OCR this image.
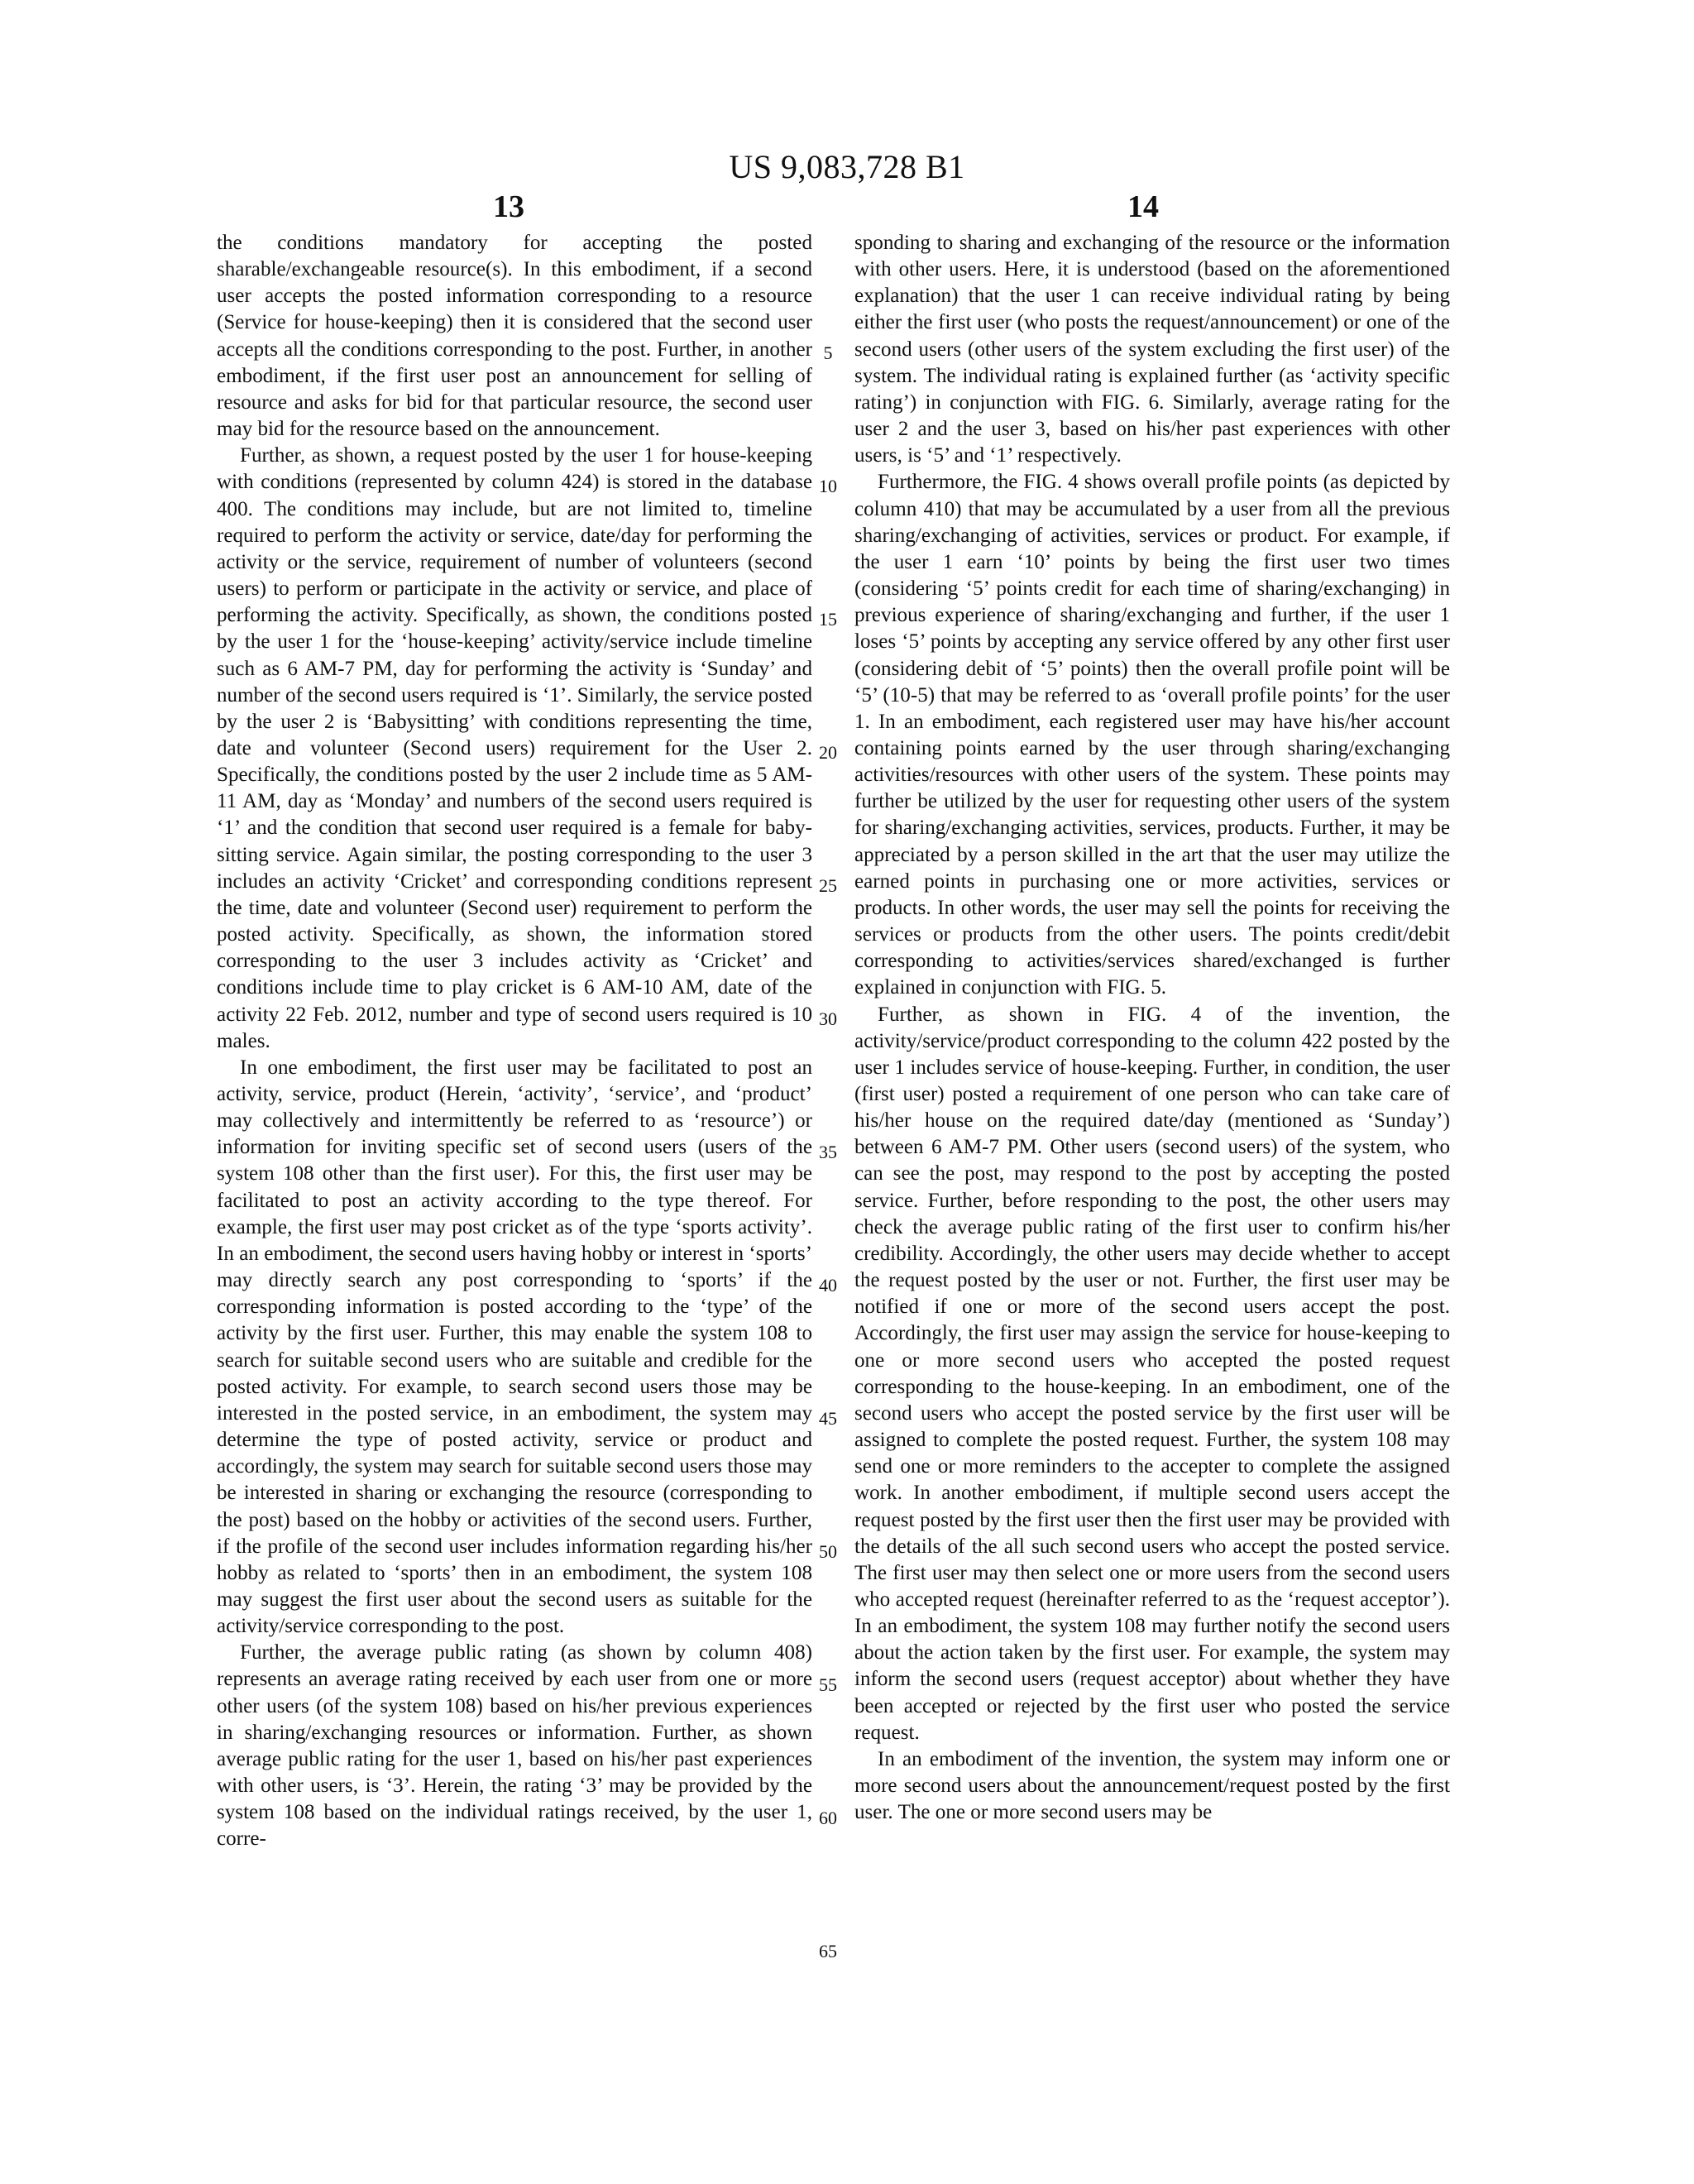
US 9,083,728 B1
13	14

the conditions mandatory for accepting the posted sharable/exchangeable resource(s). In this embodiment, if a second user accepts the posted information corresponding to a resource (Service for house-keeping) then it is considered that the second user accepts all the conditions corresponding to the post. Further, in another embodiment, if the first user post an announcement for selling of resource and asks for bid for that particular resource, the second user may bid for the resource based on the announcement.

Further, as shown, a request posted by the user 1 for house-keeping with conditions (represented by column 424) is stored in the database 400. The conditions may include, but are not limited to, timeline required to perform the activity or service, date/day for performing the activity or the service, requirement of number of volunteers (second users) to perform or participate in the activity or service, and place of performing the activity. Specifically, as shown, the conditions posted by the user 1 for the ‘house-keeping’ activity/service include timeline such as 6 AM-7 PM, day for performing the activity is ‘Sunday’ and number of the second users required is ‘1’. Similarly, the service posted by the user 2 is ‘Babysitting’ with conditions representing the time, date and volunteer (Second users) requirement for the User 2. Specifically, the conditions posted by the user 2 include time as 5 AM-11 AM, day as ‘Monday’ and numbers of the second users required is ‘1’ and the condition that second user required is a female for baby-sitting service. Again similar, the posting corresponding to the user 3 includes an activity ‘Cricket’ and corresponding conditions represent the time, date and volunteer (Second user) requirement to perform the posted activity. Specifically, as shown, the information stored corresponding to the user 3 includes activity as ‘Cricket’ and conditions include time to play cricket is 6 AM-10 AM, date of the activity 22 Feb. 2012, number and type of second users required is 10 males.

In one embodiment, the first user may be facilitated to post an activity, service, product (Herein, ‘activity’, ‘service’, and ‘product’ may collectively and intermittently be referred to as ‘resource’) or information for inviting specific set of second users (users of the system 108 other than the first user). For this, the first user may be facilitated to post an activity according to the type thereof. For example, the first user may post cricket as of the type ‘sports activity’. In an embodiment, the second users having hobby or interest in ‘sports’ may directly search any post corresponding to ‘sports’ if the corresponding information is posted according to the ‘type’ of the activity by the first user. Further, this may enable the system 108 to search for suitable second users who are suitable and credible for the posted activity. For example, to search second users those may be interested in the posted service, in an embodiment, the system may determine the type of posted activity, service or product and accordingly, the system may search for suitable second users those may be interested in sharing or exchanging the resource (corresponding to the post) based on the hobby or activities of the second users. Further, if the profile of the second user includes information regarding his/her hobby as related to ‘sports’ then in an embodiment, the system 108 may suggest the first user about the second users as suitable for the activity/service corresponding to the post.

Further, the average public rating (as shown by column 408) represents an average rating received by each user from one or more other users (of the system 108) based on his/her previous experiences in sharing/exchanging resources or information. Further, as shown average public rating for the user 1, based on his/her past experiences with other users, is ‘3’. Herein, the rating ‘3’ may be provided by the system 108 based on the individual ratings received, by the user 1, corre-

sponding to sharing and exchanging of the resource or the information with other users. Here, it is understood (based on the aforementioned explanation) that the user 1 can receive individual rating by being either the first user (who posts the request/announcement) or one of the second users (other users of the system excluding the first user) of the system. The individual rating is explained further (as ‘activity specific rating’) in conjunction with FIG. 6. Similarly, average rating for the user 2 and the user 3, based on his/her past experiences with other users, is ‘5’ and ‘1’ respectively.

Furthermore, the FIG. 4 shows overall profile points (as depicted by column 410) that may be accumulated by a user from all the previous sharing/exchanging of activities, services or product. For example, if the user 1 earn ‘10’ points by being the first user two times (considering ‘5’ points credit for each time of sharing/exchanging) in previous experience of sharing/exchanging and further, if the user 1 loses ‘5’ points by accepting any service offered by any other first user (considering debit of ‘5’ points) then the overall profile point will be ‘5’ (10-5) that may be referred to as ‘overall profile points’ for the user 1. In an embodiment, each registered user may have his/her account containing points earned by the user through sharing/exchanging activities/resources with other users of the system. These points may further be utilized by the user for requesting other users of the system for sharing/exchanging activities, services, products. Further, it may be appreciated by a person skilled in the art that the user may utilize the earned points in purchasing one or more activities, services or products. In other words, the user may sell the points for receiving the services or products from the other users. The points credit/debit corresponding to activities/services shared/exchanged is further explained in conjunction with FIG. 5.

Further, as shown in FIG. 4 of the invention, the activity/service/product corresponding to the column 422 posted by the user 1 includes service of house-keeping. Further, in condition, the user (first user) posted a requirement of one person who can take care of his/her house on the required date/day (mentioned as ‘Sunday’) between 6 AM-7 PM. Other users (second users) of the system, who can see the post, may respond to the post by accepting the posted service. Further, before responding to the post, the other users may check the average public rating of the first user to confirm his/her credibility. Accordingly, the other users may decide whether to accept the request posted by the user or not. Further, the first user may be notified if one or more of the second users accept the post. Accordingly, the first user may assign the service for house-keeping to one or more second users who accepted the posted request corresponding to the house-keeping. In an embodiment, one of the second users who accept the posted service by the first user will be assigned to complete the posted request. Further, the system 108 may send one or more reminders to the accepter to complete the assigned work. In another embodiment, if multiple second users accept the request posted by the first user then the first user may be provided with the details of the all such second users who accept the posted service. The first user may then select one or more users from the second users who accepted request (hereinafter referred to as the ‘request acceptor’). In an embodiment, the system 108 may further notify the second users about the action taken by the first user. For example, the system may inform the second users (request acceptor) about whether they have been accepted or rejected by the first user who posted the service request.

In an embodiment of the invention, the system may inform one or more second users about the announcement/request posted by the first user. The one or more second users may be

5
10
15
20
25
30
35
40
45
50
55
60
65
